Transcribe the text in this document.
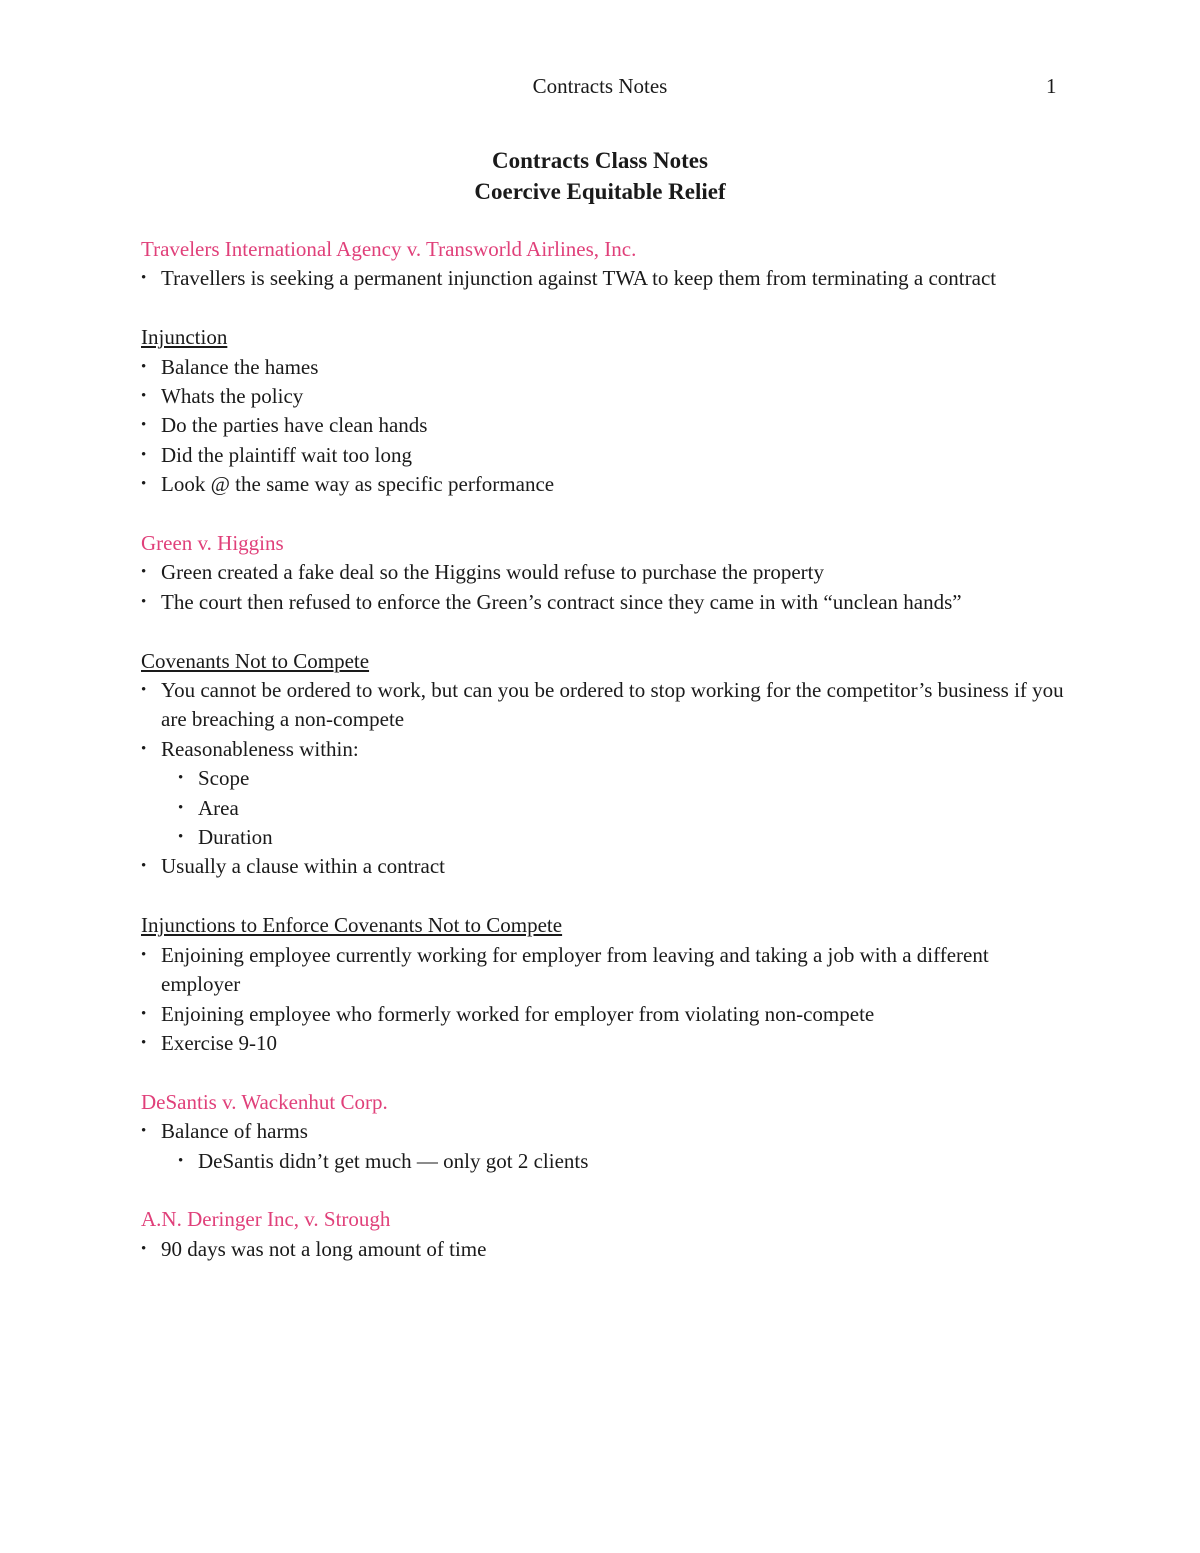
Contracts Notes	1
Contracts Class Notes
Coercive Equitable Relief
Travelers International Agency v. Transworld Airlines, Inc.
• Travellers is seeking a permanent injunction against TWA to keep them from terminating a contract
Injunction
• Balance the hames
• Whats the policy
• Do the parties have clean hands
• Did the plaintiff wait too long
• Look @ the same way as specific performance
Green v. Higgins
• Green created a fake deal so the Higgins would refuse to purchase the property
• The court then refused to enforce the Green’s contract since they came in with “unclean hands”
Covenants Not to Compete
• You cannot be ordered to work, but can you be ordered to stop working for the competitor’s business if you are breaching a non-compete
• Reasonableness within:
• Scope
• Area
• Duration
• Usually a clause within a contract
Injunctions to Enforce Covenants Not to Compete
• Enjoining employee currently working for employer from leaving and taking a job with a different employer
• Enjoining employee who formerly worked for employer from violating non-compete
• Exercise 9-10
DeSantis v. Wackenhut Corp.
• Balance of harms
• DeSantis didn’t get much — only got 2 clients
A.N. Deringer Inc, v. Strough
• 90 days was not a long amount of time
